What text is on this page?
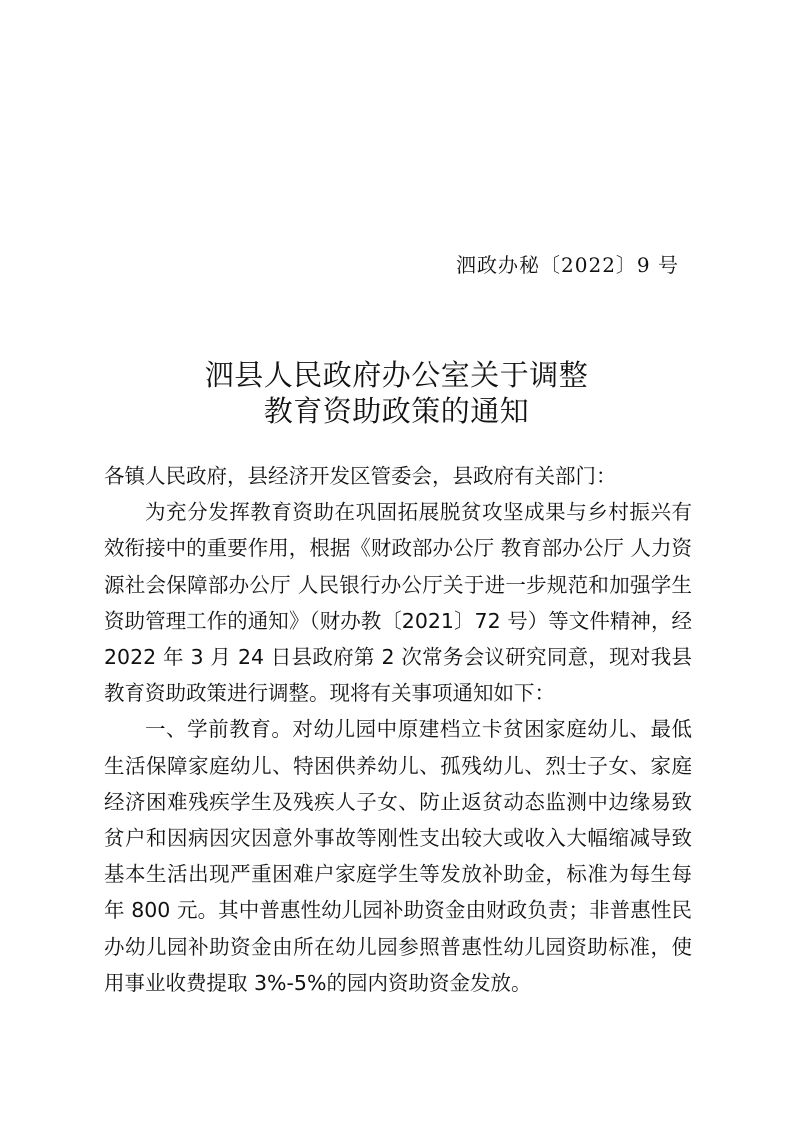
泗政办秘〔2022〕9 号
泗县人民政府办公室关于调整
教育资助政策的通知

各镇人民政府，县经济开发区管委会，县政府有关部门：

为充分发挥教育资助在巩固拓展脱贫攻坚成果与乡村振兴有效衔接中的重要作用，根据《财政部办公厅 教育部办公厅 人力资源社会保障部办公厅 人民银行办公厅关于进一步规范和加强学生资助管理工作的通知》（财办教〔2021〕72 号）等文件精神，经 2022 年 3 月 24 日县政府第 2 次常务会议研究同意，现对我县教育资助政策进行调整。现将有关事项通知如下：

一、学前教育。对幼儿园中原建档立卡贫困家庭幼儿、最低生活保障家庭幼儿、特困供养幼儿、孤残幼儿、烈士子女、家庭经济困难残疾学生及残疾人子女、防止返贫动态监测中边缘易致贫户和因病因灾因意外事故等刚性支出较大或收入大幅缩减导致基本生活出现严重困难户家庭学生等发放补助金，标准为每生每年 800 元。其中普惠性幼儿园补助资金由财政负责；非普惠性民办幼儿园补助资金由所在幼儿园参照普惠性幼儿园资助标准，使用事业收费提取 3%-5%的园内资助资金发放。
